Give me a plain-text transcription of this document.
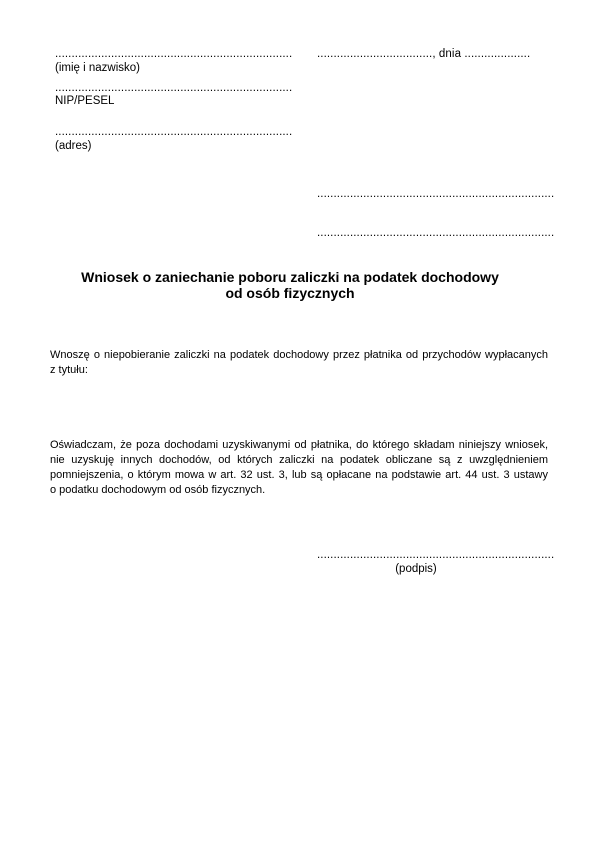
........................................................................
(imię i nazwisko)
........................................................................
NIP/PESEL
........................................................................
(adres)
..................................., dnia ....................
........................................................................
........................................................................
Wniosek o zaniechanie poboru zaliczki na podatek dochodowy
od osób fizycznych
Wnoszę o niepobieranie zaliczki na podatek dochodowy przez płatnika od przychodów wypłacanych
z tytułu:
Oświadczam, że poza dochodami uzyskiwanymi od płatnika, do którego składam niniejszy wniosek,
nie uzyskuję innych dochodów, od których zaliczki na podatek obliczane są z uwzględnieniem
pomniejszenia, o którym mowa w art. 32 ust. 3, lub są opłacane na podstawie art. 44 ust. 3 ustawy
o podatku dochodowym od osób fizycznych.
........................................................................
(podpis)
